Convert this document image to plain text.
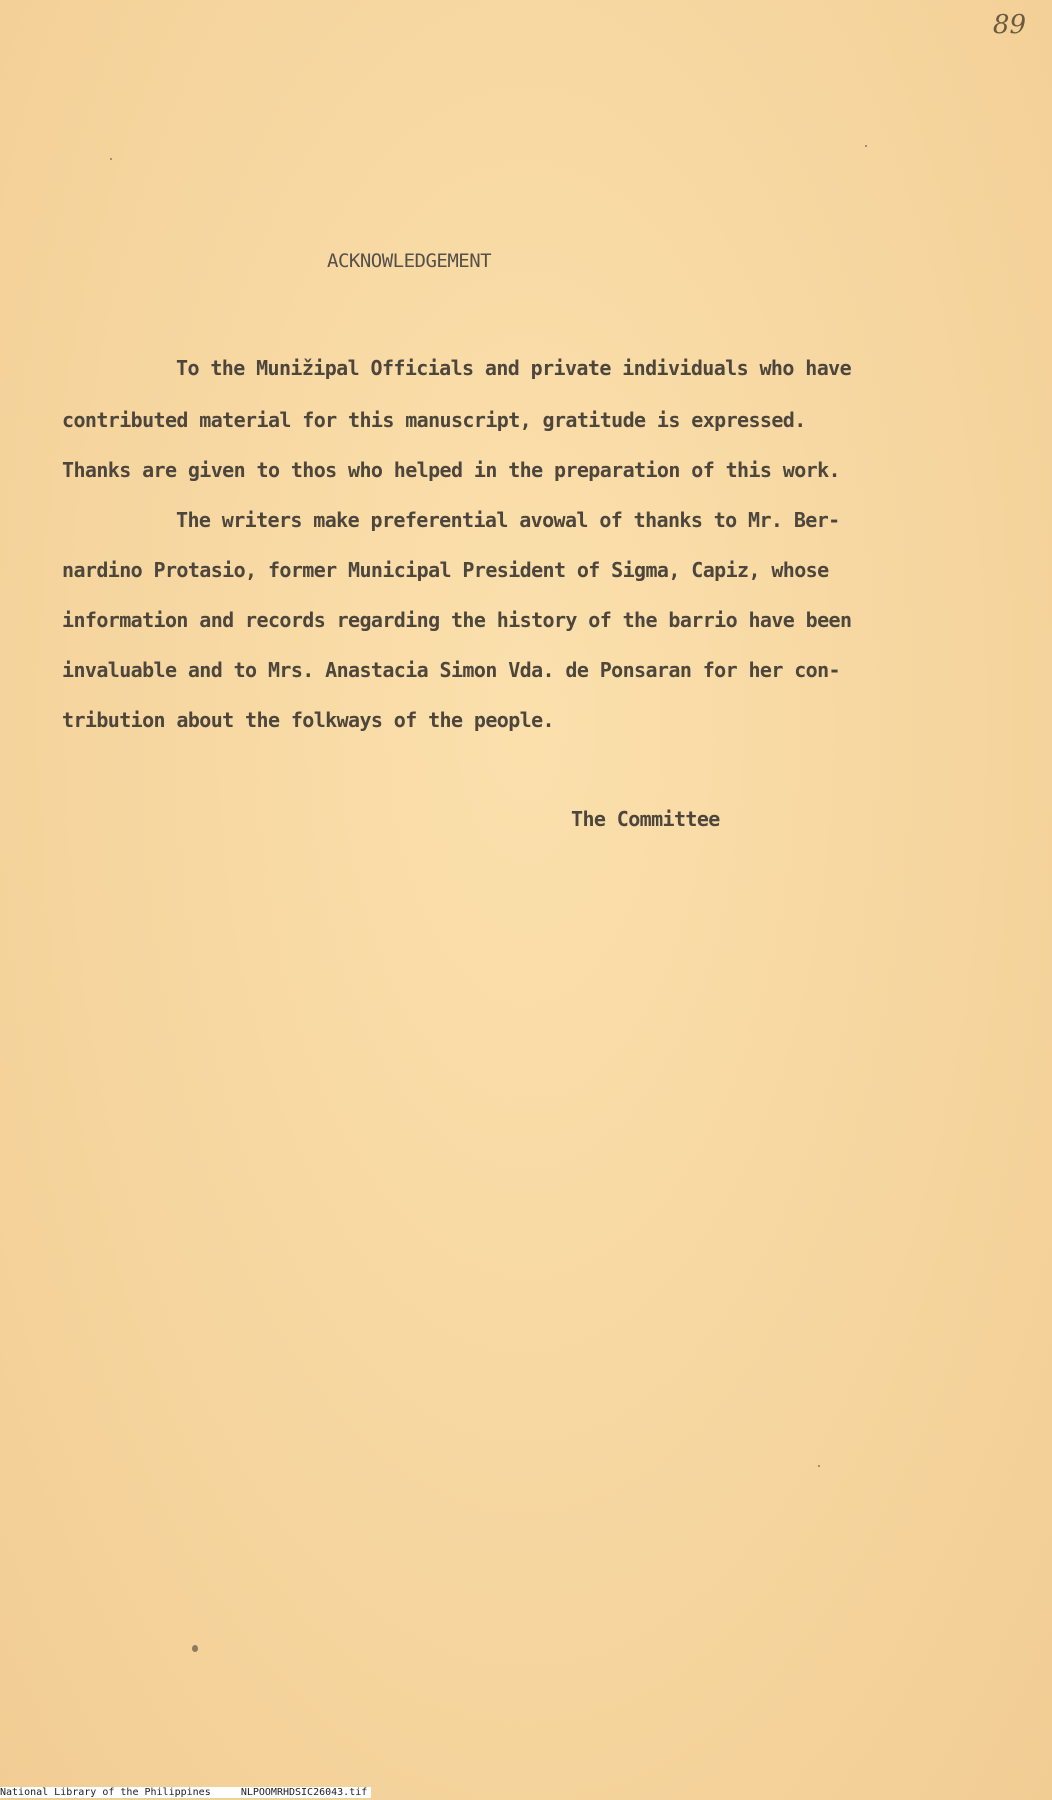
89
ACKNOWLEDGEMENT
To the Munižipal Officials and private individuals who have
contributed material for this manuscript, gratitude is expressed.
Thanks are given to thos who helped in the preparation of this work.
The writers make preferential avowal of thanks to Mr. Ber-
nardino Protasio, former Municipal President of Sigma, Capiz, whose
information and records regarding the history of the barrio have been
invaluable and to Mrs. Anastacia Simon Vda. de Ponsaran for her con-
tribution about the folkways of the people.
The Committee
National Library of the Philippines     NLPOOMRHDSIC26043.tif
